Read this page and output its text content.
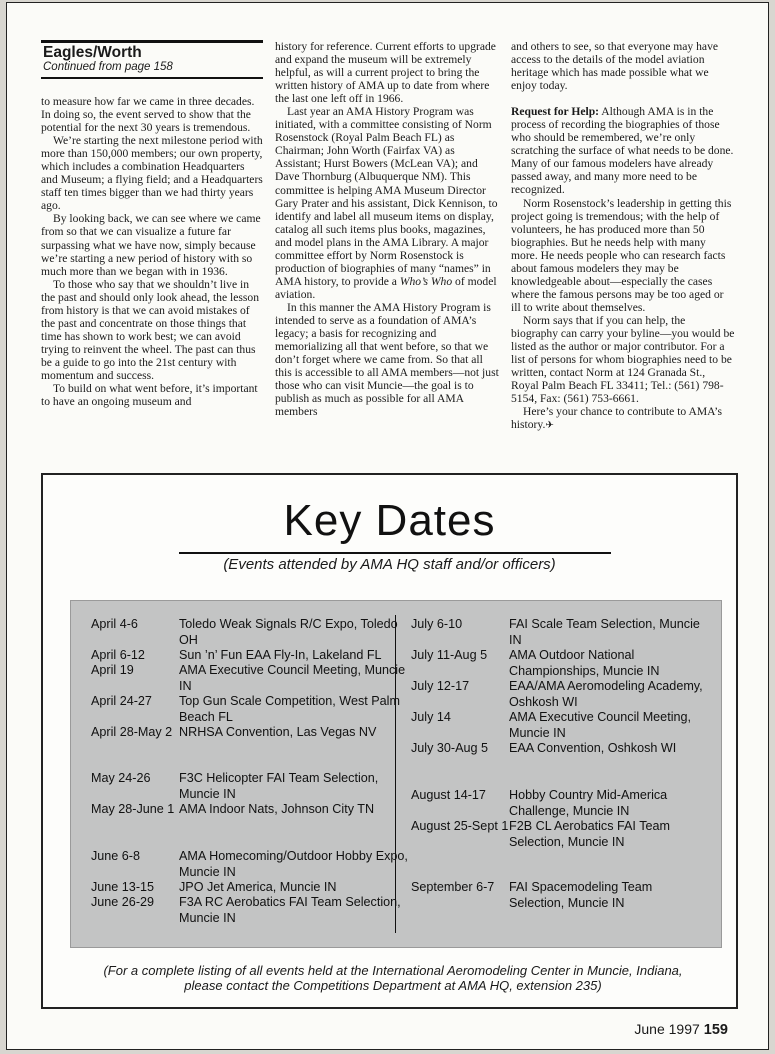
Eagles/Worth
Continued from page 158

to measure how far we came in three decades. In doing so, the event served to show that the potential for the next 30 years is tremendous.

We’re starting the next milestone period with more than 150,000 members; our own property, which includes a combination Headquarters and Museum; a flying field; and a Headquarters staff ten times bigger than we had thirty years ago.

By looking back, we can see where we came from so that we can visualize a future far surpassing what we have now, simply because we’re starting a new period of history with so much more than we began with in 1936.

To those who say that we shouldn’t live in the past and should only look ahead, the lesson from history is that we can avoid mistakes of the past and concentrate on those things that time has shown to work best; we can avoid trying to reinvent the wheel. The past can thus be a guide to go into the 21st century with momentum and success.

To build on what went before, it’s important to have an ongoing museum and

history for reference. Current efforts to upgrade and expand the museum will be extremely helpful, as will a current project to bring the written history of AMA up to date from where the last one left off in 1966.

Last year an AMA History Program was initiated, with a committee consisting of Norm Rosenstock (Royal Palm Beach FL) as Chairman; John Worth (Fairfax VA) as Assistant; Hurst Bowers (McLean VA); and Dave Thornburg (Albuquerque NM). This committee is helping AMA Museum Director Gary Prater and his assistant, Dick Kennison, to identify and label all museum items on display, catalog all such items plus books, magazines, and model plans in the AMA Library. A major committee effort by Norm Rosenstock is production of biographies of many “names” in AMA history, to provide a Who’s Who of model aviation.

In this manner the AMA History Program is intended to serve as a foundation of AMA’s legacy; a basis for recognizing and memorializing all that went before, so that we don’t forget where we came from. So that all this is accessible to all AMA members—not just those who can visit Muncie—the goal is to publish as much as possible for all AMA members

and others to see, so that everyone may have access to the details of the model aviation heritage which has made possible what we enjoy today.

Request for Help: Although AMA is in the process of recording the biographies of those who should be remembered, we’re only scratching the surface of what needs to be done. Many of our famous modelers have already passed away, and many more need to be recognized.

Norm Rosenstock’s leadership in getting this project going is tremendous; with the help of volunteers, he has produced more than 50 biographies. But he needs help with many more. He needs people who can research facts about famous modelers they may be knowledgeable about—especially the cases where the famous persons may be too aged or ill to write about themselves.

Norm says that if you can help, the biography can carry your byline—you would be listed as the author or major contributor. For a list of persons for whom biographies need to be written, contact Norm at 124 Granada St., Royal Palm Beach FL 33411; Tel.: (561) 798-5154, Fax: (561) 753-6661.

Here’s your chance to contribute to AMA’s history.✈

Key Dates
(Events attended by AMA HQ staff and/or officers)
April 4-6	Toledo Weak Signals R/C Expo, Toledo OH
April 6-12	Sun ’n’ Fun EAA Fly-In, Lakeland FL
April 19	AMA Executive Council Meeting, Muncie IN
April 24-27 Top Gun Scale Competition, West Palm Beach FL
April 28-May 2 NRHSA Convention, Las Vegas NV
May 24-26 F3C Helicopter FAI Team Selection, Muncie IN
May 28-June 1 AMA Indoor Nats, Johnson City TN
June 6-8	AMA Homecoming/Outdoor Hobby Expo, Muncie IN
June 13-15 JPO Jet America, Muncie IN
June 26-29 F3A RC Aerobatics FAI Team Selection, Muncie IN
July 6-10	FAI Scale Team Selection, Muncie IN
July 11-Aug 5 AMA Outdoor National Championships, Muncie IN
July 12-17	EAA/AMA Aeromodeling Academy, Oshkosh WI
July 14	AMA Executive Council Meeting, Muncie IN
July 30-Aug 5 EAA Convention, Oshkosh WI
August 14-17 Hobby Country Mid-America Challenge, Muncie IN
August 25-Sept 1 F2B CL Aerobatics FAI Team Selection, Muncie IN
September 6-7 FAI Spacemodeling Team Selection, Muncie IN
(For a complete listing of all events held at the International Aeromodeling Center in Muncie, Indiana, please contact the Competitions Department at AMA HQ, extension 235)
June 1997 159
